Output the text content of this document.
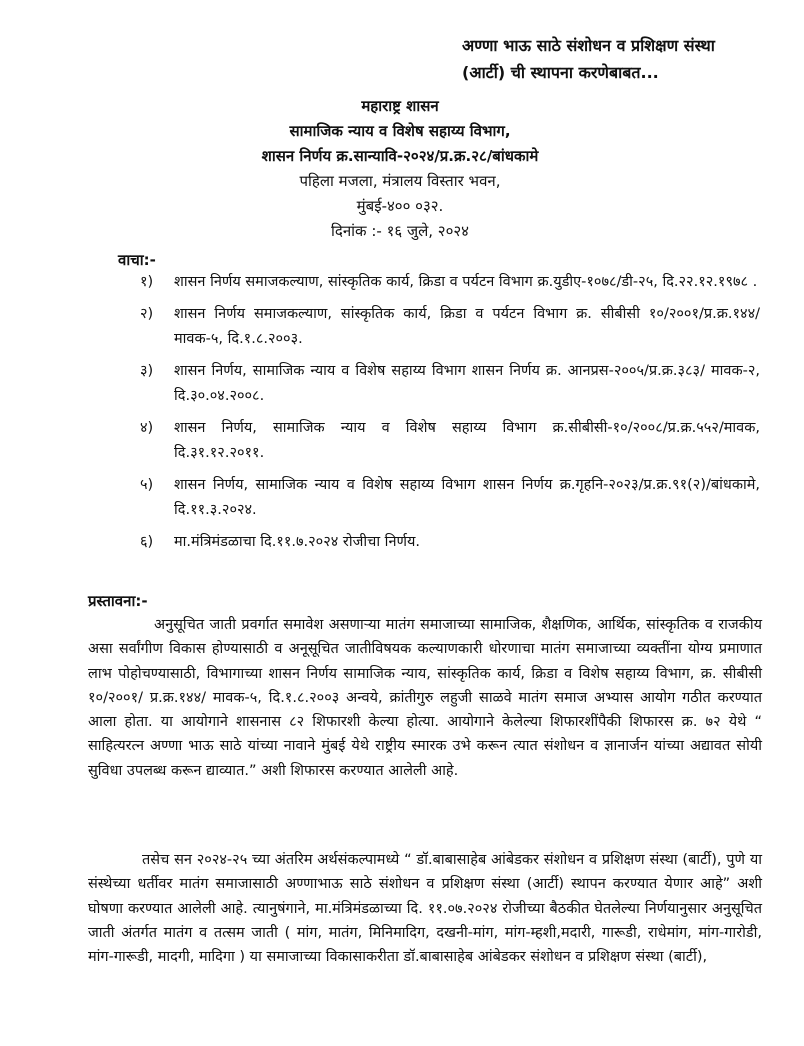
अण्णा भाऊ साठे संशोधन व प्रशिक्षण संस्था
(आर्टी) ची स्थापना करणेबाबत...
महाराष्ट्र शासन
सामाजिक न्याय व विशेष सहाय्य विभाग,
शासन निर्णय क्र.सान्यावि-२०२४/प्र.क्र.२८/बांधकामे
पहिला मजला, मंत्रालय विस्तार भवन,
मुंबई-४०० ०३२.
दिनांक :- १६ जुले, २०२४
वाचा:-
१)	शासन निर्णय समाजकल्याण, सांस्कृतिक कार्य, क्रिडा व पर्यटन विभाग क्र.युडीए-१०७८/डी-२५, दि.२२.१२.१९७८ .
२)	शासन निर्णय समाजकल्याण, सांस्कृतिक कार्य, क्रिडा व पर्यटन विभाग क्र. सीबीसी १०/२००१/प्र.क्र.१४४/मावक-५, दि.१.८.२००३.
३)	शासन निर्णय, सामाजिक न्याय व विशेष सहाय्य विभाग शासन निर्णय क्र. आनप्रस-२००५/प्र.क्र.३८३/ मावक-२, दि.३०.०४.२००८.
४)	शासन निर्णय, सामाजिक न्याय व विशेष सहाय्य विभाग क्र.सीबीसी-१०/२००८/प्र.क्र.५५२/मावक, दि.३१.१२.२०११.
५)	शासन निर्णय, सामाजिक न्याय व विशेष सहाय्य विभाग शासन निर्णय क्र.गृहनि-२०२३/प्र.क्र.९१(२)/बांधकामे, दि.११.३.२०२४.
६)	मा.मंत्रिमंडळाचा दि.११.७.२०२४ रोजीचा निर्णय.
प्रस्तावना:-

अनुसूचित जाती प्रवर्गात समावेश असणाऱ्या मातंग समाजाच्या सामाजिक, शैक्षणिक, आर्थिक, सांस्कृतिक व राजकीय असा सर्वांगीण विकास होण्यासाठी व अनूसूचित जातीविषयक कल्याणकारी धोरणाचा मातंग समाजाच्या व्यक्तींना योग्य प्रमाणात लाभ पोहोचण्यासाठी, विभागाच्या शासन निर्णय सामाजिक न्याय, सांस्कृतिक कार्य, क्रिडा व विशेष सहाय्य विभाग, क्र. सीबीसी १०/२००१/ प्र.क्र.१४४/ मावक-५, दि.१.८.२००३ अन्वये, क्रांतीगुरु लहुजी साळवे मातंग समाज अभ्यास आयोग गठीत करण्यात आला होता. या आयोगाने शासनास ८२ शिफारशी केल्या होत्या. आयोगाने केलेल्या शिफारशींपैकी शिफारस क्र. ७२ येथे “ साहित्यरत्न अण्णा भाऊ साठे यांच्या नावाने मुंबई येथे राष्ट्रीय स्मारक उभे करून त्यात संशोधन व ज्ञानार्जन यांच्या अद्यावत सोयी सुविधा उपलब्ध करून द्याव्यात.” अशी शिफारस करण्यात आलेली आहे.

तसेच सन २०२४-२५ च्या अंतरिम अर्थसंकल्पामध्ये “ डॉ.बाबासाहेब आंबेडकर संशोधन व प्रशिक्षण संस्था (बार्टी), पुणे या संस्थेच्या धर्तीवर मातंग समाजासाठी अण्णाभाऊ साठे संशोधन व प्रशिक्षण संस्था (आर्टी) स्थापन करण्यात येणार आहे” अशी घोषणा करण्यात आलेली आहे. त्यानुषंगाने, मा.मंत्रिमंडळाच्या दि. ११.०७.२०२४ रोजीच्या बैठकीत घेतलेल्या निर्णयानुसार अनुसूचित जाती अंतर्गत मातंग व तत्सम जाती ( मांग, मातंग, मिनिमादिग, दखनी-मांग, मांग-म्हशी,मदारी, गारूडी, राधेमांग, मांग-गारोडी, मांग-गारूडी, मादगी, मादिगा ) या समाजाच्या विकासाकरीता डॉ.बाबासाहेब आंबेडकर संशोधन व प्रशिक्षण संस्था (बार्टी),
